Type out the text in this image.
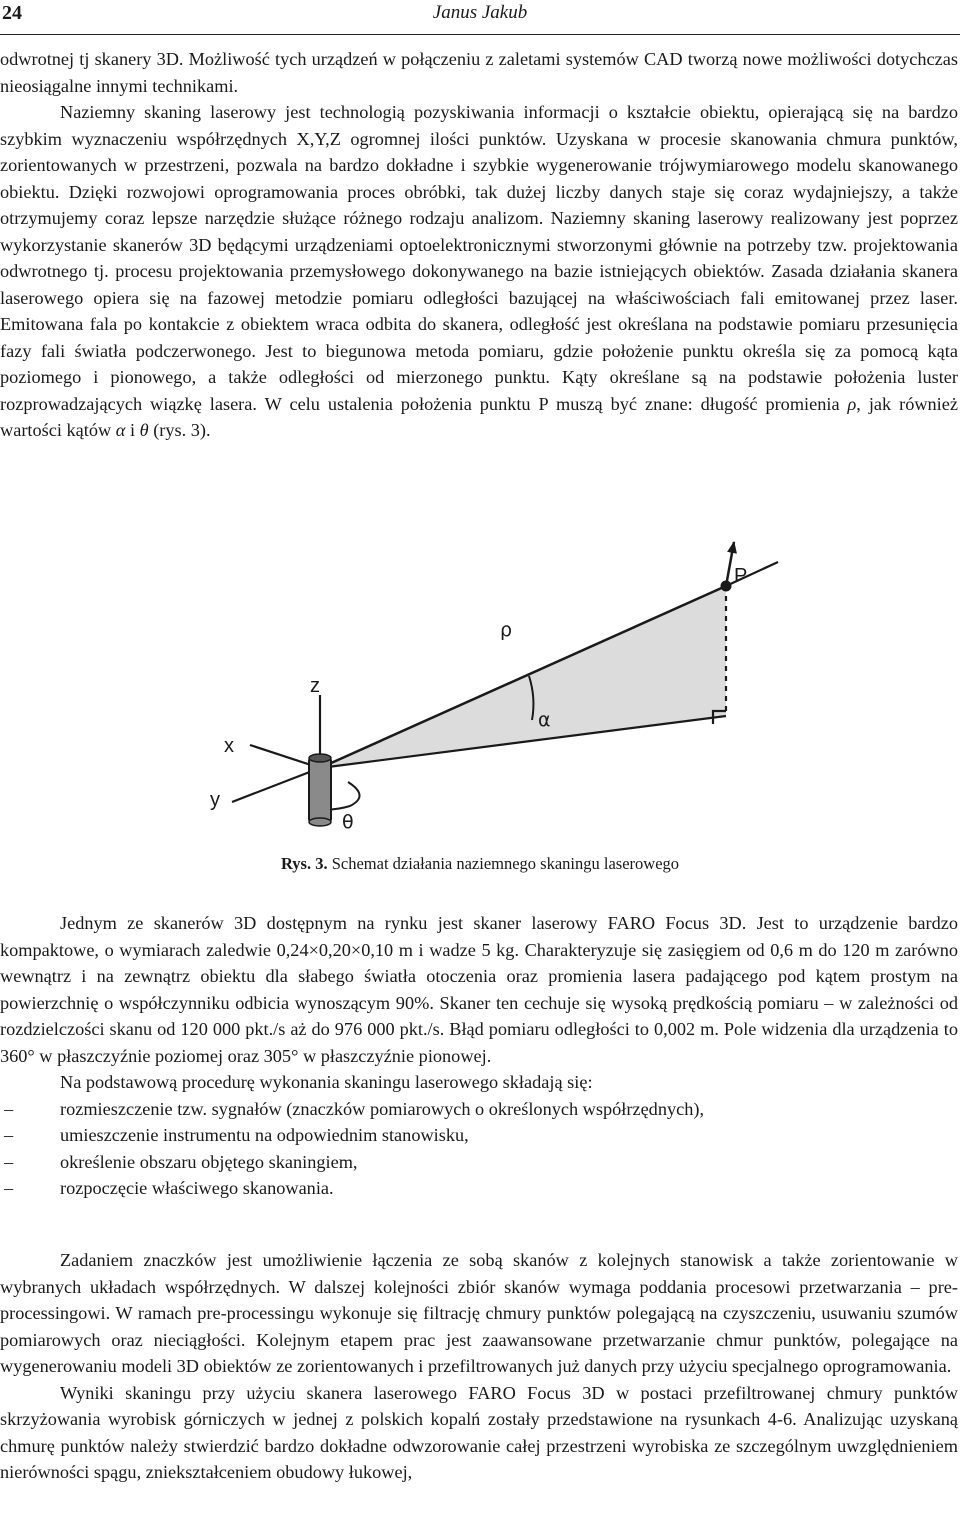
24	Janus Jakub

odwrotnej tj skanery 3D. Możliwość tych urządzeń w połączeniu z zaletami systemów CAD tworzą nowe możliwości dotychczas nieosiągalne innymi technikami.

Naziemny skaning laserowy jest technologią pozyskiwania informacji o kształcie obiektu, opierającą się na bardzo szybkim wyznaczeniu współrzędnych X,Y,Z ogromnej ilości punktów. Uzyskana w procesie skanowania chmura punktów, zorientowanych w przestrzeni, pozwala na bardzo dokładne i szybkie wygenerowanie trójwymiarowego modelu skanowanego obiektu. Dzięki rozwojowi oprogramowania proces obróbki, tak dużej liczby danych staje się coraz wydajniejszy, a także otrzymujemy coraz lepsze narzędzie służące różnego rodzaju analizom. Naziemny skaning laserowy realizowany jest poprzez wykorzystanie skanerów 3D będącymi urządzeniami optoelektronicznymi stworzonymi głównie na potrzeby tzw. projektowania odwrotnego tj. procesu projektowania przemysłowego dokonywanego na bazie istniejących obiektów. Zasada działania skanera laserowego opiera się na fazowej metodzie pomiaru odległości bazującej na właściwościach fali emitowanej przez laser. Emitowana fala po kontakcie z obiektem wraca odbita do skanera, odległość jest określana na podstawie pomiaru przesunięcia fazy fali światła podczerwonego. Jest to biegunowa metoda pomiaru, gdzie położenie punktu określa się za pomocą kąta poziomego i pionowego, a także odległości od mierzonego punktu. Kąty określane są na podstawie położenia luster rozprowadzających wiązkę lasera. W celu ustalenia położenia punktu P muszą być znane: długość promienia ρ, jak również wartości kątów α i θ (rys. 3).

P
ρ
α
θ
x
y
z
Rys. 3. Schemat działania naziemnego skaningu laserowego

Jednym ze skanerów 3D dostępnym na rynku jest skaner laserowy FARO Focus 3D. Jest to urządzenie bardzo kompaktowe, o wymiarach zaledwie 0,24×0,20×0,10 m i wadze 5 kg. Charakteryzuje się zasięgiem od 0,6 m do 120 m zarówno wewnątrz i na zewnątrz obiektu dla słabego światła otoczenia oraz promienia lasera padającego pod kątem prostym na powierzchnię o współczynniku odbicia wynoszącym 90%. Skaner ten cechuje się wysoką prędkością pomiaru – w zależności od rozdzielczości skanu od 120 000 pkt./s aż do 976 000 pkt./s. Błąd pomiaru odległości to 0,002 m. Pole widzenia dla urządzenia to 360° w płaszczyźnie poziomej oraz 305° w płaszczyźnie pionowej.

Na podstawową procedurę wykonania skaningu laserowego składają się:

–	rozmieszczenie tzw. sygnałów (znaczków pomiarowych o określonych współrzędnych),
–	umieszczenie instrumentu na odpowiednim stanowisku,
–	określenie obszaru objętego skaningiem,
–	rozpoczęcie właściwego skanowania.

Zadaniem znaczków jest umożliwienie łączenia ze sobą skanów z kolejnych stanowisk a także zorientowanie w wybranych układach współrzędnych. W dalszej kolejności zbiór skanów wymaga poddania procesowi przetwarzania – pre-processingowi. W ramach pre-processingu wykonuje się filtrację chmury punktów polegającą na czyszczeniu, usuwaniu szumów pomiarowych oraz nieciągłości. Kolejnym etapem prac jest zaawansowane przetwarzanie chmur punktów, polegające na wygenerowaniu modeli 3D obiektów ze zorientowanych i przefiltrowanych już danych przy użyciu specjalnego oprogramowania.

Wyniki skaningu przy użyciu skanera laserowego FARO Focus 3D w postaci przefiltrowanej chmury punktów skrzyżowania wyrobisk górniczych w jednej z polskich kopalń zostały przedstawione na rysunkach 4-6. Analizując uzyskaną chmurę punktów należy stwierdzić bardzo dokładne odwzorowanie całej przestrzeni wyrobiska ze szczególnym uwzględnieniem nierówności spągu, zniekształceniem obudowy łukowej,
